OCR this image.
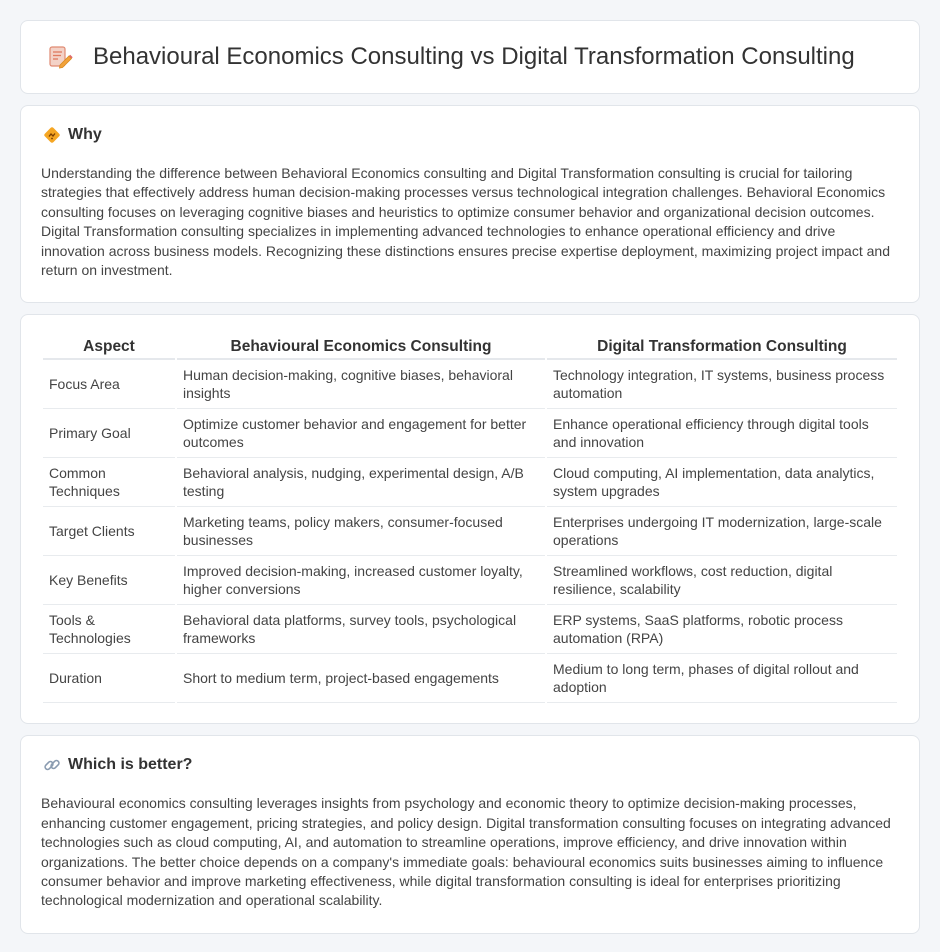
Behavioural Economics Consulting vs Digital Transformation Consulting
Why

Understanding the difference between Behavioral Economics consulting and Digital Transformation consulting is crucial for tailoring strategies that effectively address human decision-making processes versus technological integration challenges. Behavioral Economics consulting focuses on leveraging cognitive biases and heuristics to optimize consumer behavior and organizational decision outcomes. Digital Transformation consulting specializes in implementing advanced technologies to enhance operational efficiency and drive innovation across business models. Recognizing these distinctions ensures precise expertise deployment, maximizing project impact and return on investment.

Aspect	Behavioural Economics Consulting	Digital Transformation Consulting
Focus Area	Human decision-making, cognitive biases, behavioral insights	Technology integration, IT systems, business process automation
Primary Goal	Optimize customer behavior and engagement for better outcomes	Enhance operational efficiency through digital tools and innovation
Common Techniques	Behavioral analysis, nudging, experimental design, A/B testing	Cloud computing, AI implementation, data analytics, system upgrades
Target Clients	Marketing teams, policy makers, consumer-focused businesses	Enterprises undergoing IT modernization, large-scale operations
Key Benefits	Improved decision-making, increased customer loyalty, higher conversions	Streamlined workflows, cost reduction, digital resilience, scalability
Tools & Technologies	Behavioral data platforms, survey tools, psychological frameworks	ERP systems, SaaS platforms, robotic process automation (RPA)
Duration	Short to medium term, project-based engagements	Medium to long term, phases of digital rollout and adoption
Which is better?

Behavioural economics consulting leverages insights from psychology and economic theory to optimize decision-making processes, enhancing customer engagement, pricing strategies, and policy design. Digital transformation consulting focuses on integrating advanced technologies such as cloud computing, AI, and automation to streamline operations, improve efficiency, and drive innovation within organizations. The better choice depends on a company's immediate goals: behavioural economics suits businesses aiming to influence consumer behavior and improve marketing effectiveness, while digital transformation consulting is ideal for enterprises prioritizing technological modernization and operational scalability.
